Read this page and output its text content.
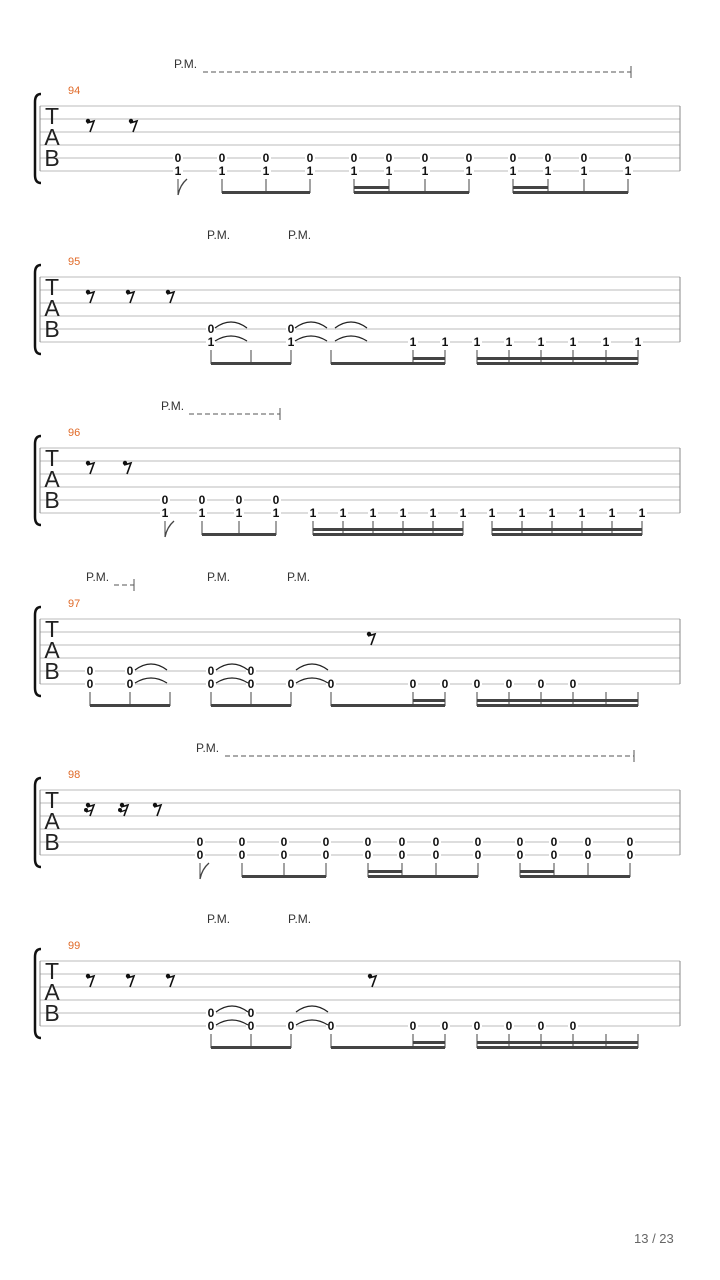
T
A
B
94
P.M.
0
1
0
1
0
1
0
1
0
1
0
1
0
1
0
1
0
1
0
1
0
1
0
1
T
A
B
95
P.M.	P.M.
0
1
0
1	1 1 1 1 1 1 1 1
T
A
B
96
P.M.
0
1
0
1
0
1
0
1	1 1 1 1 1 1 1 1 1 1 1 1
T
A
B
97
P.M.	P.M.	P.M.
0
0
0
0
0
0
0
0	0	0	0 0 0 0 0 0
T
A
B
98
P.M.
0
0
0
0
0
0
0
0
0
0
0
0
0
0
0
0
0
0
0
0
0
0
0
0
T
A
B
99
P.M.	P.M.
0
0
0
0	0	0	0 0 0 0 0 0
13 / 23
